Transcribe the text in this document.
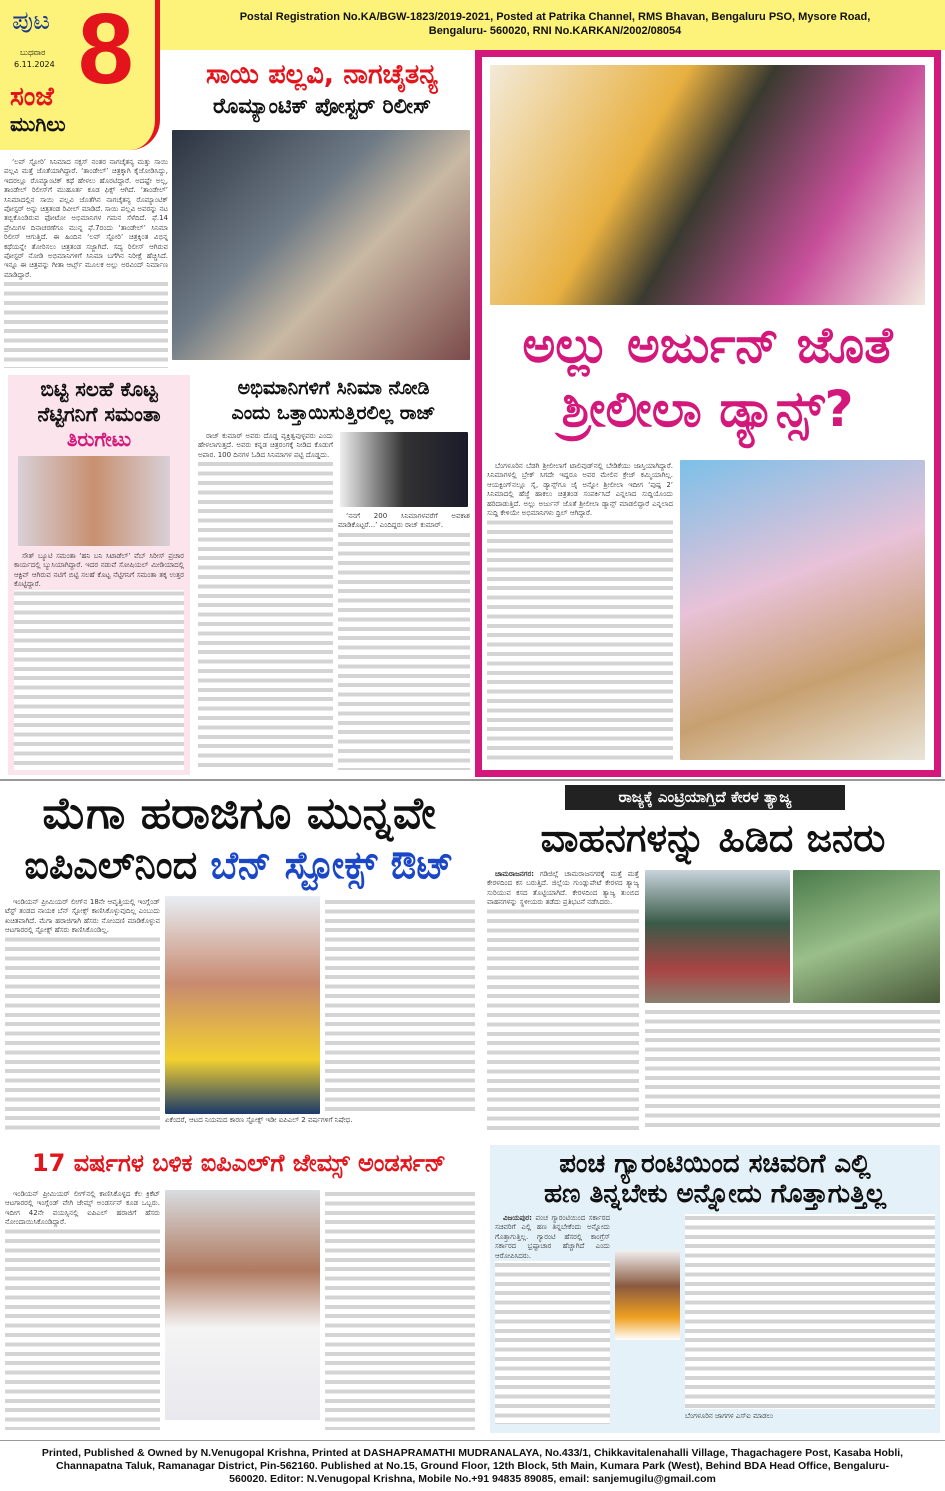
Postal Registration No.KA/BGW-1823/2019-2021, Posted at Patrika Channel, RMS Bhavan, Bengaluru PSO, Mysore Road, Bengaluru- 560020, RNI No.KARKAN/2002/08054
ಪುಟ 8
ಬುಧವಾರ
6.11.2024
ಸಂಜೆ
ಮುಗಿಲು
ಸಾಯಿ ಪಲ್ಲವಿ, ನಾಗಚೈತನ್ಯ
ರೊಮ್ಯಾಂಟಿಕ್ ಪೋಸ್ಟರ್ ರಿಲೀಸ್

‘ಲವ್ ಸ್ಟೋರಿ’ ಸಿನಿಮಾದ ಸಕ್ಸಸ್ ನಂತರ ನಾಗಚೈತನ್ಯ ಮತ್ತು ಸಾಯಿ ಪಲ್ಲವಿ ಮತ್ತೆ ಜೊತೆಯಾಗಿದ್ದಾರೆ. ‘ತಾಂಡೇಲ್’ ಚಿತ್ರಕ್ಕಾಗಿ ಕೈಜೋಡಿಸಿದ್ದು, ಇದರಲ್ಲೂ ರೊಮ್ಯಾಂಟಿಕ್ ಕಥೆ ಹೇಳಲು ಹೊರಟಿದ್ದಾರೆ. ಅದಷ್ಟೇ ಅಲ್ಲ, ತಾಂಡೇಲ್ ರಿಲೀಸ್‌ಗೆ ಮುಹೂರ್ತ ಕೂಡ ಫಿಕ್ಸ್ ಆಗಿದೆ. ‘ತಾಂಡೇಲ್’ ಸಿನಿಮಾದಲ್ಲಿನ ಸಾಯಿ ಪಲ್ಲವಿ ಜೊತೆಗಿನ ನಾಗಚೈತನ್ಯ ರೊಮ್ಯಾಂಟಿಕ್ ಪೋಸ್ಟರ್ ಅನ್ನು ಚಿತ್ರತಂಡ ರಿವೀಲ್ ಮಾಡಿದೆ. ಸಾಯಿ ಪಲ್ಲವಿ ಅವರನ್ನು ನಟ ತಬ್ಬಿಕೊಂಡಿರುವ ಫೋಟೋ ಅಭಿಮಾನಿಗಳ ಗಮನ ಸೆಳೆದಿದೆ. ಫೆ.14 ಪ್ರೇಮಿಗಳ ದಿನಾಚರಣೆಗೂ ಮುನ್ನ ಫೆ.7ರಂದು ‘ತಾಂಡೇಲ್’ ಸಿನಿಮಾ ರಿಲೀಸ್ ಆಗುತ್ತಿದೆ. ಈ ಹಿಂದಿನ ‘ಲವ್ ಸ್ಟೋರಿ’ ಚಿತ್ರಕ್ಕಿಂತ ವಿಭಿನ್ನ ಕಥೆಯನ್ನೇ ತೋರಿಸಲು ಚಿತ್ರತಂಡ ಸಜ್ಜಾಗಿದೆ. ಸದ್ಯ ರಿಲೀಸ್ ಆಗಿರುವ ಪೋಸ್ಟರ್ ನೋಡಿ ಅಭಿಮಾನಿಗಳಿಗೆ ಸಿನಿಮಾ ಬಗೆಗಿನ ನಿರೀಕ್ಷೆ ಹೆಚ್ಚಿಸಿದೆ. ಇನ್ನೂ ಈ ಚಿತ್ರವನ್ನು ಗೀತಾ ಆರ್ಟ್ಸ್ ಮೂಲಕ ಅಲ್ಲು ಅರವಿಂದ್ ನಿರ್ಮಾಣ ಮಾಡಿದ್ದಾರೆ.

ಅಲ್ಲು ಅರ್ಜುನ್ ಜೊತೆ
ಶ್ರೀಲೀಲಾ ಡ್ಯಾನ್ಸ್?

ಬೆಂಗಳೂರಿನ ಬೆಡಗಿ ಶ್ರೀಲೀಲಾಗೆ ಟಾಲಿವುಡ್‌ನಲ್ಲಿ ಬೇಡಿಕೆಯು ಜಾಸ್ತಿಯಾಗಿದ್ದಾರೆ. ಸಿನಿಮಾಗಳಲ್ಲಿ ಬ್ರೇಕ್ ಸಿಗದೇ ಇದ್ದರೂ ಅವರ ಮೇಲಿನ ಕ್ರೇಜ್ ಕಮ್ಮಿಯಾಗಿಲ್ಲ. ಆಯಕ್ಟಿಂಗ್‌ನಲ್ಲೂ ಸೈ, ಡ್ಯಾನ್ಸ್‌ಗೂ ಜೈ ಅನ್ನೋ ಶ್ರೀಲೀಲಾ ಇದೀಗ ‘ಪುಷ್ಪ 2’ ಸಿನಿಮಾದಲ್ಲಿ ಹೆಜ್ಜೆ ಹಾಕಲು ಚಿತ್ರತಂಡ ಸಂಪರ್ಕಿಸಿದೆ ಎನ್ನಲಾದ ಸುದ್ದಿಯೊಂದು ಹರಿದಾಡುತ್ತಿದೆ. ಅಲ್ಲು ಅರ್ಜುನ್ ಜೊತೆ ಶ್ರೀಲೀಲಾ ಡ್ಯಾನ್ಸ್ ಮಾಡಲಿದ್ದಾರೆ ಎನ್ನಲಾದ ಸುದ್ದಿ ಕೇಳಿಯೇ ಅಭಿಮಾನಿಗಳು ಥ್ರಿಲ್ ಆಗಿದ್ದಾರೆ.

ಬಿಟ್ಟಿ ಸಲಹೆ ಕೊಟ್ಟ
ನೆಟ್ಟಿಗನಿಗೆ ಸಮಂತಾ
ತಿರುಗೇಟು

ಸೌತ್ ಬ್ಯೂಟಿ ಸಮಂತಾ ‘ಹನಿ ಬನಿ ಸಿಟಾಡೆಲ್’ ವೆಬ್ ಸಿರೀಸ್ ಪ್ರಚಾರ ಕಾರ್ಯದಲ್ಲಿ ಬ್ಯುಸಿಯಾಗಿದ್ದಾರೆ. ಇದರ ನಡುವೆ ಸೋಷಿಯಲ್ ಮೀಡಿಯಾದಲ್ಲಿ ಆಕ್ಟಿವ್ ಆಗಿರುವ ನಟಿಗೆ ಬಿಟ್ಟಿ ಸಲಹೆ ಕೊಟ್ಟ ನೆಟ್ಟಿಗನಿಗೆ ಸಮಂತಾ ತಕ್ಕ ಉತ್ತರ ಕೊಟ್ಟಿದ್ದಾರೆ.

ಅಭಿಮಾನಿಗಳಿಗೆ ಸಿನಿಮಾ ನೋಡಿ
ಎಂದು ಒತ್ತಾಯಿಸುತ್ತಿರಲಿಲ್ಲ ರಾಜ್

ರಾಜ್ ಕುಮಾರ್ ಅವರು ದೊಡ್ಡ ವ್ಯಕ್ತಿತ್ವವುಳ್ಳವರು ಎಂದು ಹೇಳಲಾಗುತ್ತದೆ. ಅವರು ಕನ್ನಡ ಚಿತ್ರರಂಗಕ್ಕೆ ನೀಡಿದ ಕೊಡುಗೆ ಅಪಾರ. 100 ದಿನಗಳ ಓಡಿದ ಸಿನಿಮಾಗಳ ಪಟ್ಟಿ ದೊಡ್ಡದು.

‘ನನಗೆ 200 ಸಿನಿಮಾಗಳವರೆಗೆ ಅವಕಾಶ ಮಾಡಿಕೊಟ್ಟರೆ...’ ಎಂದಿದ್ದರು ರಾಜ್ ಕುಮಾರ್.

ಮೆಗಾ ಹರಾಜಿಗೂ ಮುನ್ನವೇ
ಐಪಿಎಲ್‌ನಿಂದ ಬೆನ್ ಸ್ಟೋಕ್ಸ್ ಔಟ್

ಇಂಡಿಯನ್ ಪ್ರೀಮಿಯರ್ ಲೀಗ್‌ನ 18ನೇ ಆವೃತ್ತಿಯಲ್ಲಿ ಇಂಗ್ಲೆಂಡ್ ಟೆಸ್ಟ್ ತಂಡದ ನಾಯಕ ಬೆನ್ ಸ್ಟೋಕ್ಸ್ ಕಾಣಿಸಿಕೊಳ್ಳುವುದಿಲ್ಲ ಎಂಬುದು ಖಚಿತವಾಗಿದೆ. ಮೆಗಾ ಹರಾಜಿಗಾಗಿ ಹೆಸರು ನೋಂದಣಿ ಮಾಡಿಕೊಳ್ಳುವ ಆಟಗಾರರಲ್ಲಿ ಸ್ಟೋಕ್ಸ್ ಹೆಸರು ಕಾಣಿಸಿಕೊಂಡಿಲ್ಲ.

ಏಕೆಂದರೆ, ಆಟದ ನಿಯಮದ ಕಾರಣ ಸ್ಟೋಕ್ಸ್ ಇಡೀ ಐಪಿಎಲ್ 2 ವರ್ಷಗಳಿಗೆ ನಿಷೇಧ.
ರಾಜ್ಯಕ್ಕೆ ಎಂಟ್ರಿಯಾಗ್ತಿದೆ ಕೇರಳ ತ್ಯಾಜ್ಯ
ವಾಹನಗಳನ್ನು ಹಿಡಿದ ಜನರು

ಚಾಮರಾಜನಗರ: ಗಡಿಜಿಲ್ಲೆ ಚಾಮರಾಜನಗರಕ್ಕೆ ಮತ್ತೆ ಮತ್ತೆ ಕೇರಳದಿಂದ ಕಸ ಬರುತ್ತಿದೆ. ಜಿಲ್ಲೆಯ ಗುಂಡ್ಲುಪೇಟೆ ಕೇರಳದ ತ್ಯಾಜ್ಯ ಸುರಿಯುವ ಕಸದ ತೊಟ್ಟಿಯಾಗಿದೆ. ಕೇರಳದಿಂದ ತ್ಯಾಜ್ಯ ತುಂಬಿದ ವಾಹನಗಳನ್ನು ಸ್ಥಳೀಯರು ತಡೆದು ಪ್ರತಿಭಟನೆ ನಡೆಸಿದರು.

ಇಂಡಿಯನ್ ಪ್ರೀಮಿಯರ್ ಲೀಗ್‌ನಲ್ಲಿ ಕಾಣಿಸಿಕೊಳ್ಳದ ಕೆಲ ಕ್ರಿಕೆಟ್ ಆಟಗಾರರಲ್ಲಿ ಇಂಗ್ಲೆಂಡ್ ವೇಗಿ ಜೇಮ್ಸ್ ಅಂಡರ್ಸನ್ ಕೂಡ ಒಬ್ಬರು. ಇದೀಗ 42ನೇ ವಯಸ್ಸಿನಲ್ಲಿ ಐಪಿಎಲ್ ಹರಾಜಿಗೆ ಹೆಸರು ನೋಂದಾಯಿಸಿಕೊಂಡಿದ್ದಾರೆ.

17 ವರ್ಷಗಳ ಬಳಿಕ ಐಪಿಎಲ್‌ಗೆ ಜೇಮ್ಸ್ ಅಂಡರ್ಸನ್	ಪಂಚ ಗ್ಯಾರಂಟಿಯಿಂದ ಸಚಿವರಿಗೆ ಎಲ್ಲಿ
ಹಣ ತಿನ್ನಬೇಕು ಅನ್ನೋದು ಗೊತ್ತಾಗುತ್ತಿಲ್ಲ

ವಿಜಯಪುರ: ಪಂಚ ಗ್ಯಾರಂಟಿಯಿಂದ ಸರ್ಕಾರದ ಸಚಿವರಿಗೆ ಎಲ್ಲಿ ಹಣ ತಿನ್ನಬೇಕೆಂದು ಅನ್ನೋದು ಗೊತ್ತಾಗುತ್ತಿಲ್ಲ. ಗ್ಯಾರಂಟಿ ಹೆಸರಲ್ಲಿ ಕಾಂಗ್ರೆಸ್ ಸರ್ಕಾರದ ಭ್ರಷ್ಟಾಚಾರ ಹೆಚ್ಚಾಗಿದೆ ಎಂದು ಆರೋಪಿಸಿದರು.

ಬೆಂಗಳೂರಿನ ಜಾಗಗಳ ಎಸ್ಐ ಮಾಡಲು
Printed, Published & Owned by N.Venugopal Krishna, Printed at DASHAPRAMATHI MUDRANALAYA, No.433/1, Chikkavitalenahalli Village, Thagachagere Post, Kasaba Hobli, Channapatna Taluk, Ramanagar District, Pin-562160. Published at No.15, Ground Floor, 12th Block, 5th Main, Kumara Park (West), Behind BDA Head Office, Bengaluru-560020. Editor: N.Venugopal Krishna, Mobile No.+91 94835 89085, email: sanjemugilu@gmail.com
